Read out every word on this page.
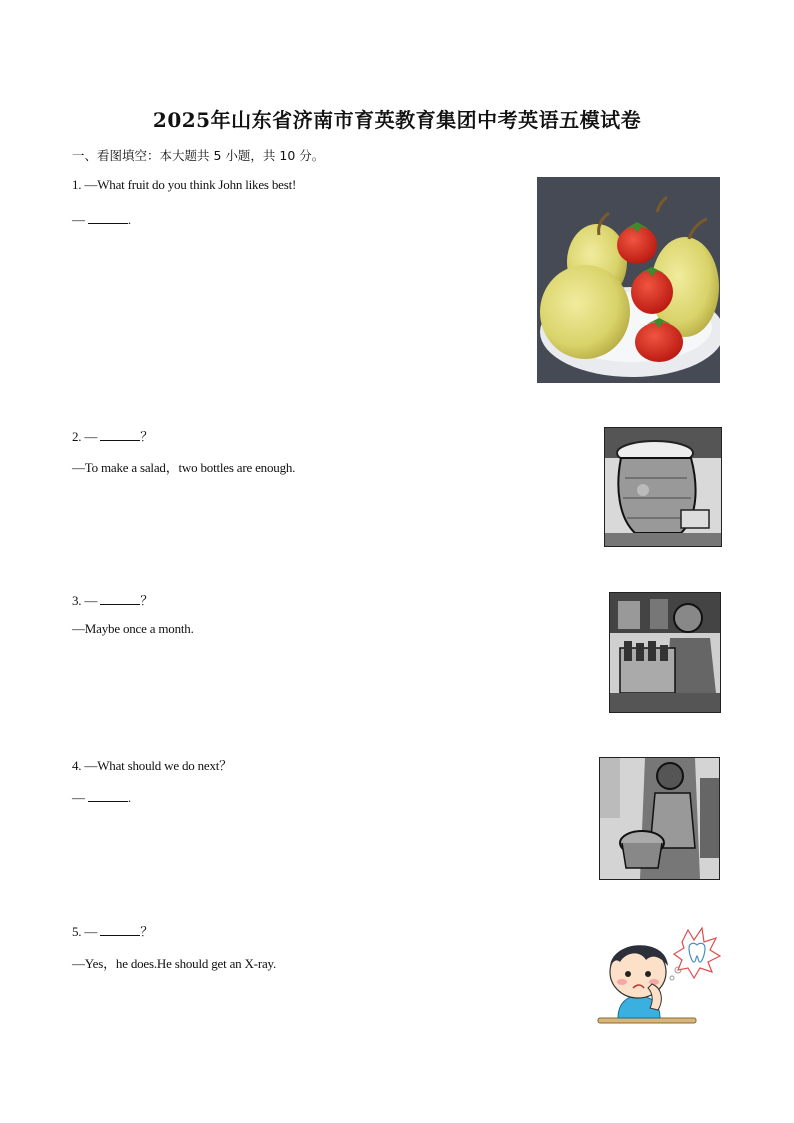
2025年山东省济南市育英教育集团中考英语五模试卷
一、看图填空：本大题共 5 小题，共 10 分。
1. —What fruit do you think John likes best!
—	.
2. —	？
—To make a salad，two bottles are enough.
3. —	？
—Maybe once a month.
4. —What should we do next？
—	.
5. —	？
—Yes，he does.He should get an X-ray.
